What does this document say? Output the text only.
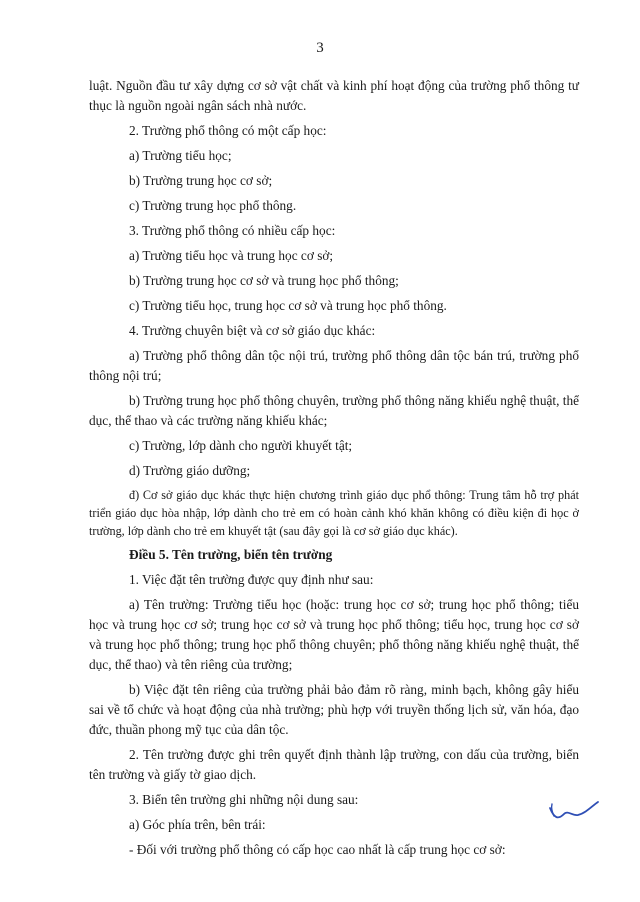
3

luật. Nguồn đầu tư xây dựng cơ sở vật chất và kinh phí hoạt động của trường phổ thông tư thục là nguồn ngoài ngân sách nhà nước.

2. Trường phổ thông có một cấp học:

a) Trường tiểu học;

b) Trường trung học cơ sở;

c) Trường trung học phổ thông.

3. Trường phổ thông có nhiều cấp học:

a) Trường tiểu học và trung học cơ sở;

b) Trường trung học cơ sở và trung học phổ thông;

c) Trường tiểu học, trung học cơ sở và trung học phổ thông.

4. Trường chuyên biệt và cơ sở giáo dục khác:

a) Trường phổ thông dân tộc nội trú, trường phổ thông dân tộc bán trú, trường phổ thông nội trú;

b) Trường trung học phổ thông chuyên, trường phổ thông năng khiếu nghệ thuật, thể dục, thể thao và các trường năng khiếu khác;

c) Trường, lớp dành cho người khuyết tật;

d) Trường giáo dưỡng;

đ) Cơ sở giáo dục khác thực hiện chương trình giáo dục phổ thông: Trung tâm hỗ trợ phát triển giáo dục hòa nhập, lớp dành cho trẻ em có hoàn cảnh khó khăn không có điều kiện đi học ở trường, lớp dành cho trẻ em khuyết tật (sau đây gọi là cơ sở giáo dục khác).

Điều 5. Tên trường, biển tên trường

1. Việc đặt tên trường được quy định như sau:

a) Tên trường: Trường tiểu học (hoặc: trung học cơ sở; trung học phổ thông; tiểu học và trung học cơ sở; trung học cơ sở và trung học phổ thông; tiểu học, trung học cơ sở và trung học phổ thông; trung học phổ thông chuyên; phổ thông năng khiếu nghệ thuật, thể dục, thể thao) và tên riêng của trường;

b) Việc đặt tên riêng của trường phải bảo đảm rõ ràng, minh bạch, không gây hiểu sai về tổ chức và hoạt động của nhà trường; phù hợp với truyền thống lịch sử, văn hóa, đạo đức, thuần phong mỹ tục của dân tộc.

2. Tên trường được ghi trên quyết định thành lập trường, con dấu của trường, biển tên trường và giấy tờ giao dịch.

3. Biển tên trường ghi những nội dung sau:

a) Góc phía trên, bên trái:

- Đối với trường phổ thông có cấp học cao nhất là cấp trung học cơ sở:
